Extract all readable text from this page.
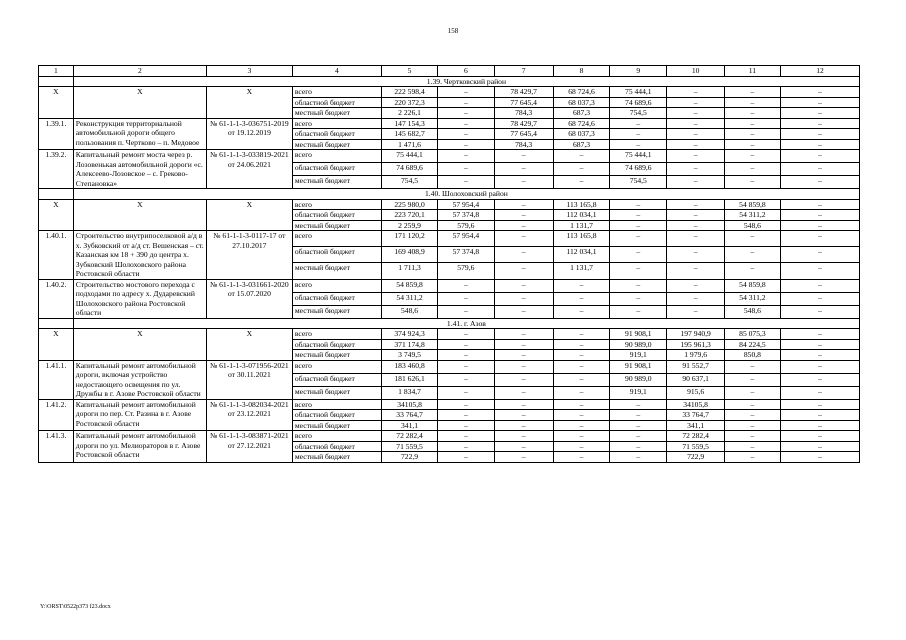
158
1	2	3	4	5	6	7	8	9	10	11	12
	1.39. Чертковский район										
Х	Х	Х	всего	222 598,4	–	78 429,7	68 724,6	75 444,1	–	–	–
			областной бюджет	220 372,3	–	77 645,4	68 037,3	74 689,6	–	–	–
			местный бюджет	2 226,1	–	784,3	687,3	754,5	–	–	–
1.39.1.	Реконструкция территориальной автомобильной дороги общего пользования п. Чертково – п. Медовое	№ 61-1-1-3-036751-2019 от 19.12.2019	всего	147 154,3	–	78 429,7	68 724,6	–	–	–	–
			областной бюджет	145 682,7	–	77 645,4	68 037,3	–	–	–	–
			местный бюджет	1 471,6	–	784,3	687,3	–	–	–	–
1.39.2.	Капитальный ремонт моста через р. Лозовенькая автомобильной дороги «с. Алексеево-Лозовское – с. Греково-Степановка»	№ 61-1-1-3-033819-2021 от 24.06.2021	всего	75 444,1	–	–	–	75 444,1	–	–	–
			областной бюджет	74 689,6	–	–	–	74 689,6	–	–	–
			местный бюджет	754,5	–	–	–	754,5	–	–	–
	1.40. Шолоховский район										
Х	Х	Х	всего	225 980,0	57 954,4	–	113 165,8	–	–	54 859,8	–
			областной бюджет	223 720,1	57 374,8	–	112 034,1	–	–	54 311,2	–
			местный бюджет	2 259,9	579,6	–	1 131,7	–	–	548,6	–
1.40.1.	Строительство внутрипоселковой а/д в х. Зубковский от а/д ст. Вешенская – ст. Казанская км 18 + 390 до центра х. Зубковский Шолоховского района Ростовской области	№ 61-1-1-3-0117-17 от 27.10.2017	всего	171 120,2	57 954,4	–	113 165,8	–	–	–	–
			областной бюджет	169 408,9	57 374,8	–	112 034,1	–	–	–	–
			местный бюджет	1 711,3	579,6	–	1 131,7	–	–	–	–
1.40.2.	Строительство мостового перехода с подходами по адресу х. Дударевский Шолоховского района Ростовской области	№ 61-1-1-3-031661-2020 от 15.07.2020	всего	54 859,8	–	–	–	–	–	54 859,8	–
			областной бюджет	54 311,2	–	–	–	–	–	54 311,2	–
			местный бюджет	548,6	–	–	–	–	–	548,6	–
	1.41. г. Азов										
Х	Х	Х	всего	374 924,3	–	–	–	91 908,1	197 940,9	85 075,3	–
			областной бюджет	371 174,8	–	–	–	90 989,0	195 961,3	84 224,5	–
			местный бюджет	3 749,5	–	–	–	919,1	1 979,6	850,8	–
1.41.1.	Капитальный ремонт автомобильной дороги, включая устройство недостающего освещения по ул. Дружбы в г. Азове Ростовской области	№ 61-1-1-3-071956-2021 от 30.11.2021	всего	183 460,8	–	–	–	91 908,1	91 552,7	–	–
			областной бюджет	181 626,1	–	–	–	90 989,0	90 637,1	–	–
			местный бюджет	1 834,7	–	–	–	919,1	915,6	–	–
1.41.2.	Капитальный ремонт автомобильной дороги по пер. Ст. Разина в г. Азове Ростовской области	№ 61-1-1-3-082034-2021 от 23.12.2021	всего	34105,8	–	–	–	–	34105,8	–	–
			областной бюджет	33 764,7	–	–	–	–	33 764,7	–	–
			местный бюджет	341,1	–	–	–	–	341,1	–	–
1.41.3.	Капитальный ремонт автомобильной дороги по ул. Мелиораторов в г. Азове Ростовской области	№ 61-1-1-3-083871-2021 от 27.12.2021	всего	72 282,4	–	–	–	–	72 282,4	–	–
			областной бюджет	71 559,5	–	–	–	–	71 559,5	–	–
			местный бюджет	722,9	–	–	–	–	722,9	–	–
Y:\ORST\0522p373 f23.docx
